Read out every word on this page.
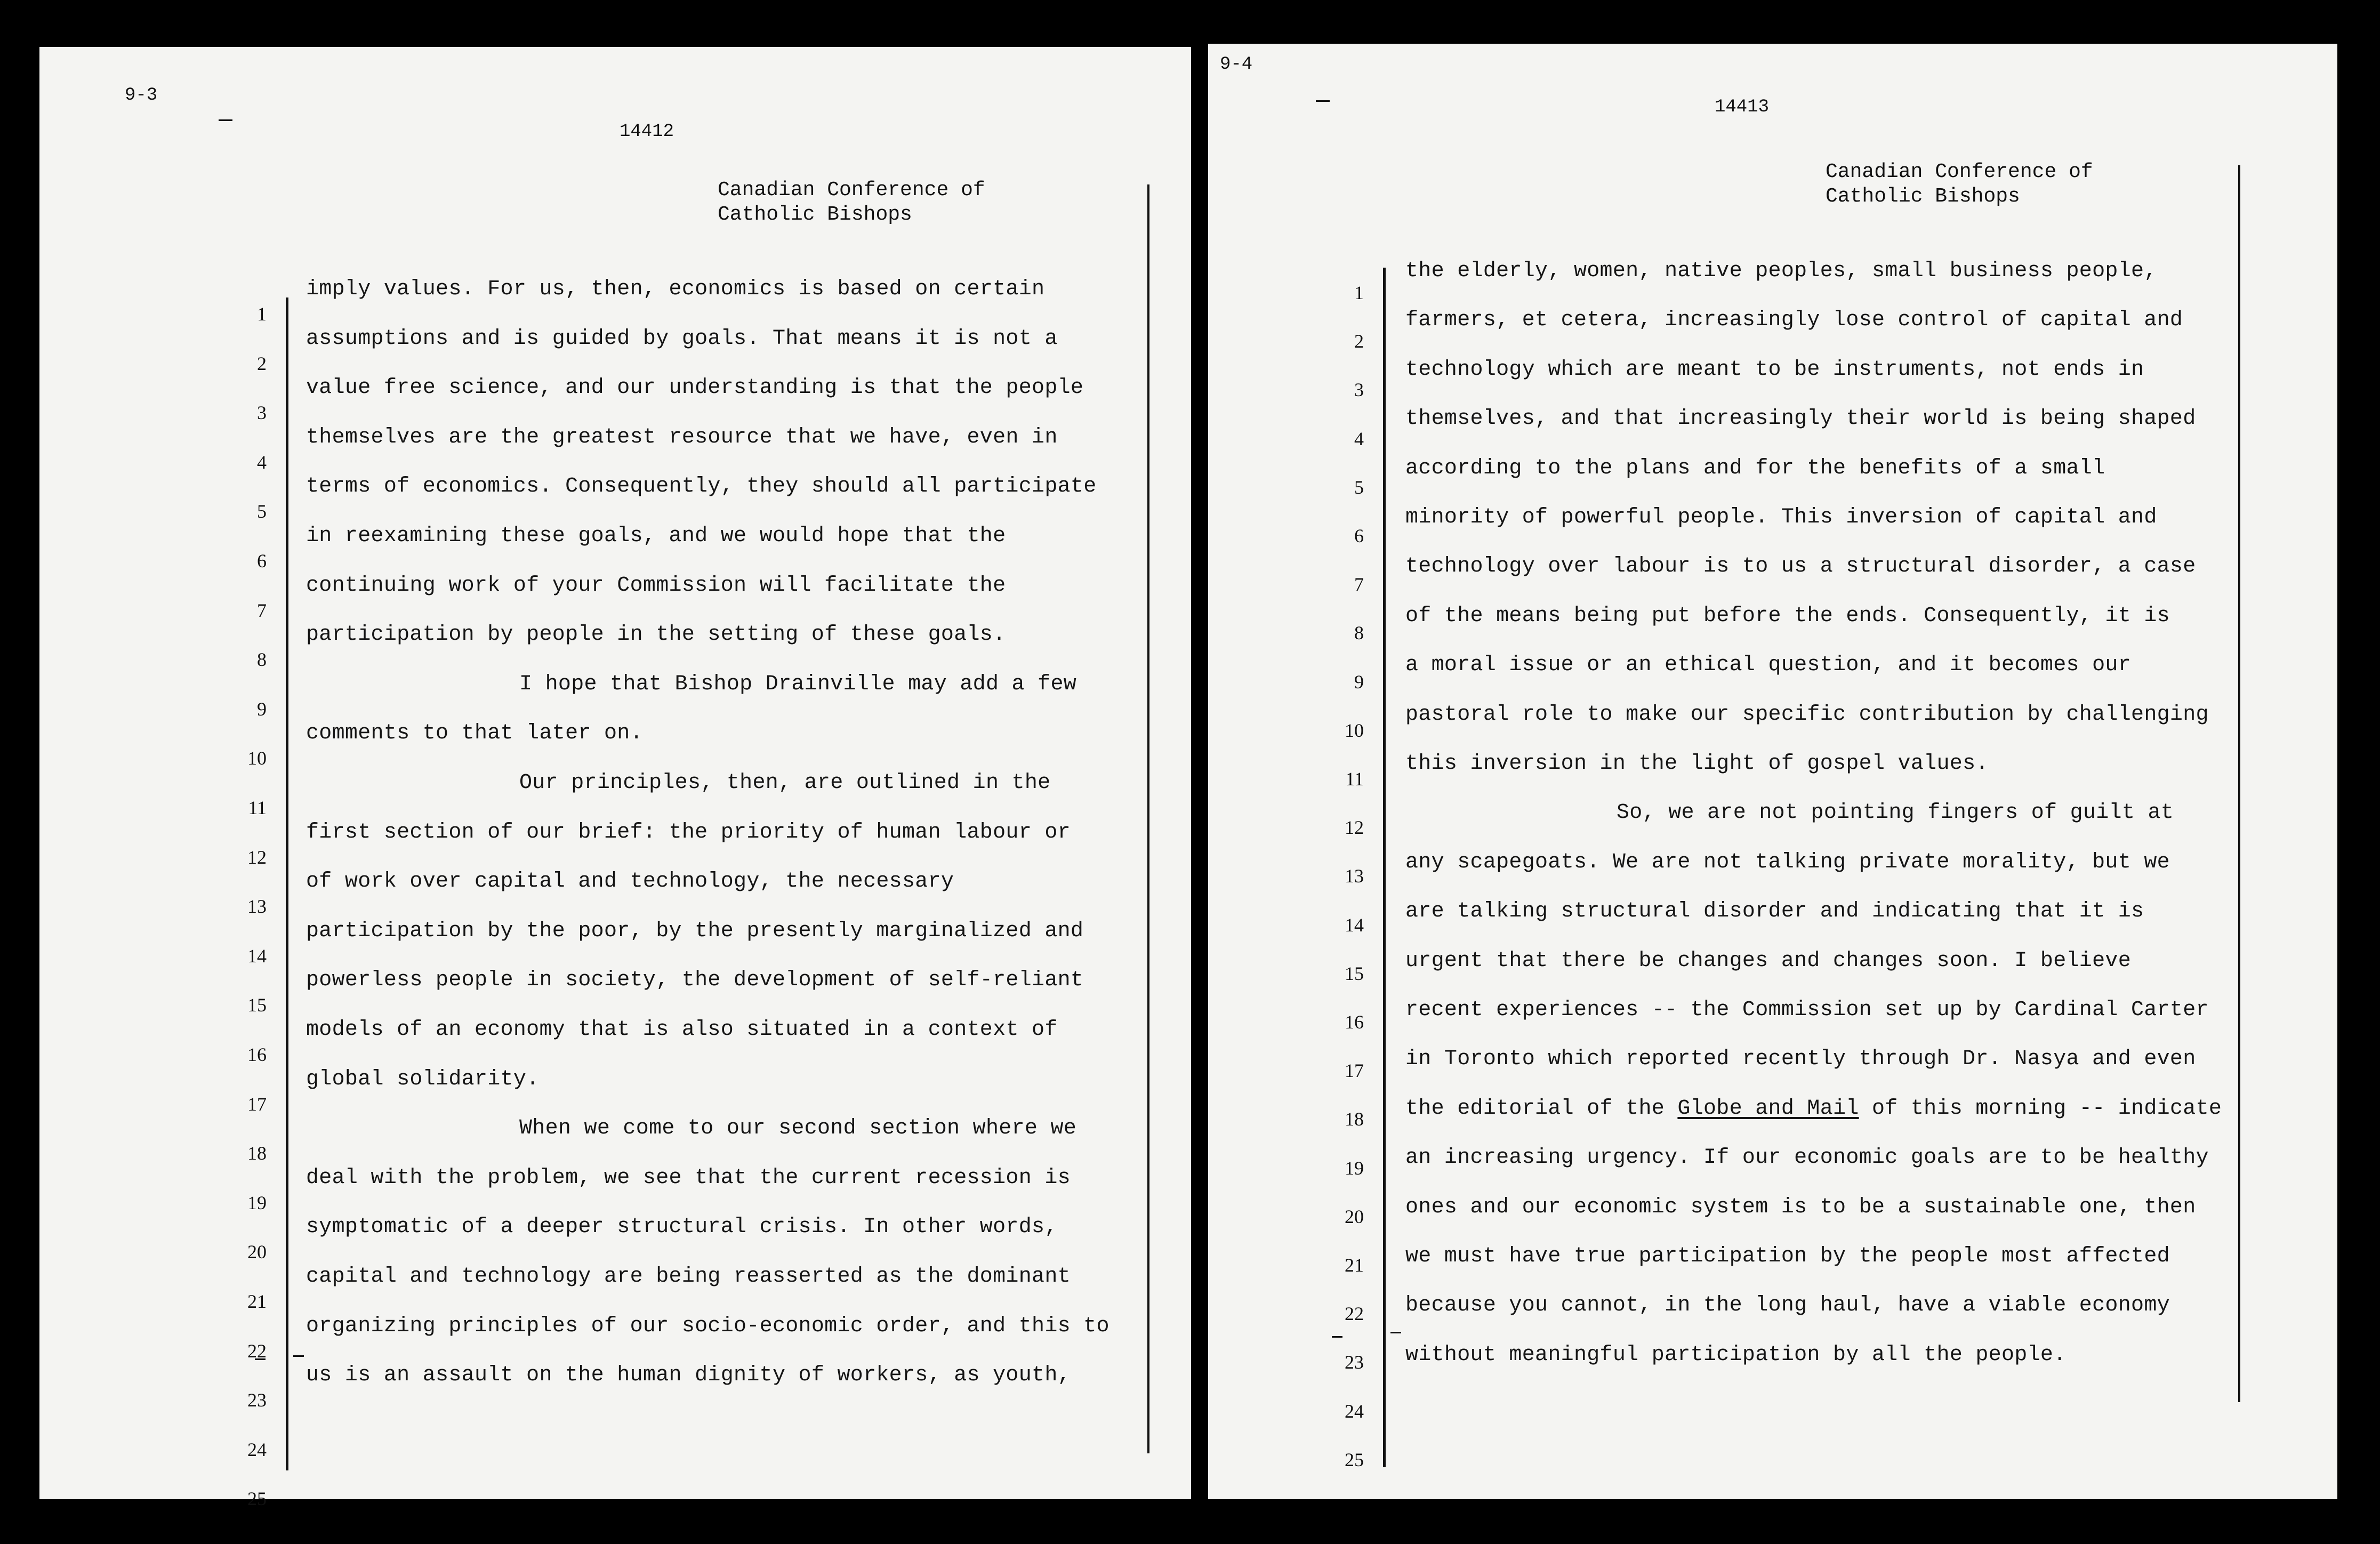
9-3
14412
Canadian Conference of
Catholic Bishops
1
2
3
4
5
6
7
8
9
10
11
12
13
14
15
16
17
18
19
20
21
22
23
24
25
imply values. For us, then, economics is based on certain
assumptions and is guided by goals. That means it is not a
value free science, and our understanding is that the people
themselves are the greatest resource that we have, even in
terms of economics. Consequently, they should all participate
in reexamining these goals, and we would hope that the
continuing work of your Commission will facilitate the
participation by people in the setting of these goals.
I hope that Bishop Drainville may add a few
comments to that later on.
Our principles, then, are outlined in the
first section of our brief: the priority of human labour or
of work over capital and technology, the necessary
participation by the poor, by the presently marginalized and
powerless people in society, the development of self-reliant
models of an economy that is also situated in a context of
global solidarity.
When we come to our second section where we
deal with the problem, we see that the current recession is
symptomatic of a deeper structural crisis. In other words,
capital and technology are being reasserted as the dominant
organizing principles of our socio-economic order, and this to
us is an assault on the human dignity of workers, as youth,
9-4
14413
Canadian Conference of
Catholic Bishops
1
2
3
4
5
6
7
8
9
10
11
12
13
14
15
16
17
18
19
20
21
22
23
24
25
the elderly, women, native peoples, small business people,
farmers, et cetera, increasingly lose control of capital and
technology which are meant to be instruments, not ends in
themselves, and that increasingly their world is being shaped
according to the plans and for the benefits of a small
minority of powerful people. This inversion of capital and
technology over labour is to us a structural disorder, a case
of the means being put before the ends. Consequently, it is
a moral issue or an ethical question, and it becomes our
pastoral role to make our specific contribution by challenging
this inversion in the light of gospel values.
So, we are not pointing fingers of guilt at
any scapegoats. We are not talking private morality, but we
are talking structural disorder and indicating that it is
urgent that there be changes and changes soon. I believe
recent experiences -- the Commission set up by Cardinal Carter
in Toronto which reported recently through Dr. Nasya and even
the editorial of the Globe and Mail of this morning -- indicate
an increasing urgency. If our economic goals are to be healthy
ones and our economic system is to be a sustainable one, then
we must have true participation by the people most affected
because you cannot, in the long haul, have a viable economy
without meaningful participation by all the people.
